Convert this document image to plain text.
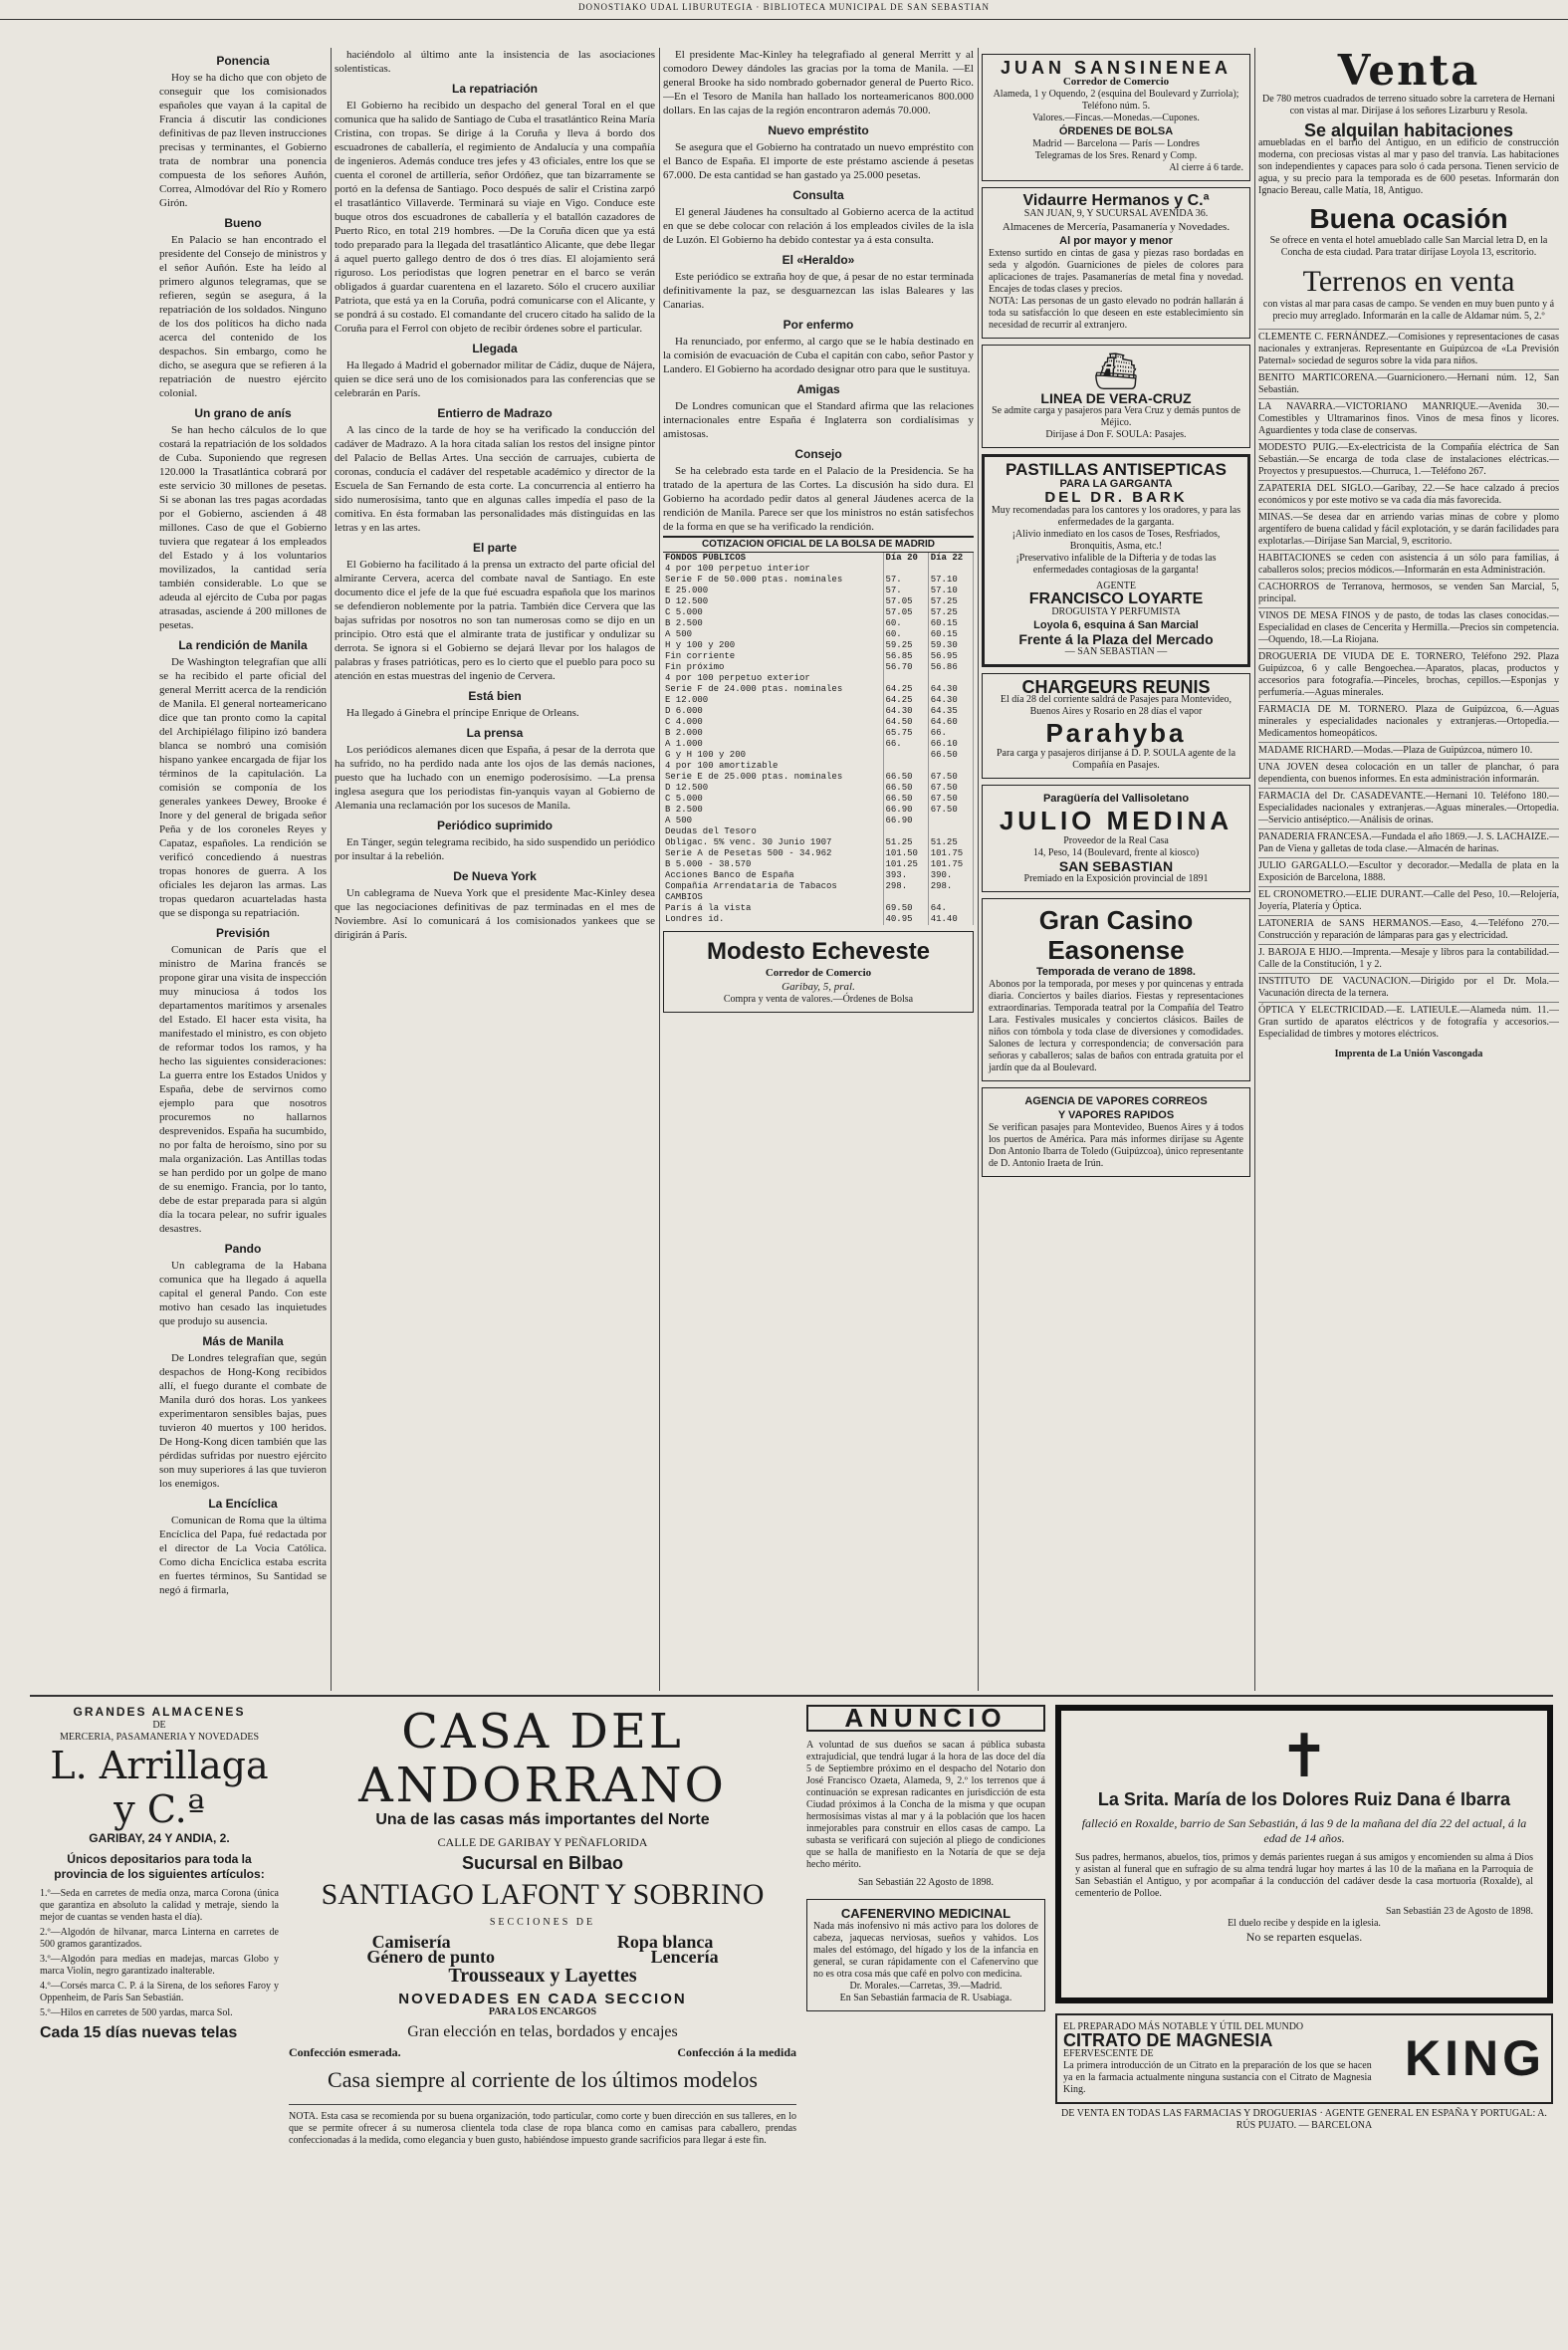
DONOSTIAKO UDAL LIBURUTEGIA · BIBLIOTECA MUNICIPAL DE SAN SEBASTIAN
Ponencia

Hoy se ha dicho que con objeto de conseguir que los comisionados españoles que vayan á la capital de Francia á discutir las condiciones definitivas de paz lleven instrucciones precisas y terminantes, el Gobierno trata de nombrar una ponencia compuesta de los señores Auñón, Correa, Almodóvar del Río y Romero Girón.

Bueno

En Palacio se han encontrado el presidente del Consejo de ministros y el señor Auñón. Este ha leído al primero algunos telegramas, que se refieren, según se asegura, á la repatriación de los soldados. Ninguno de los dos políticos ha dicho nada acerca del contenido de los despachos. Sin embargo, como he dicho, se asegura que se refieren á la repatriación de nuestro ejército colonial.

Un grano de anís

Se han hecho cálculos de lo que costará la repatriación de los soldados de Cuba. Suponiendo que regresen 120.000 la Trasatlántica cobrará por este servicio 30 millones de pesetas. Si se abonan las tres pagas acordadas por el Gobierno, ascienden á 48 millones. Caso de que el Gobierno tuviera que regatear á los empleados del Estado y á los voluntarios movilizados, la cantidad sería también considerable. Lo que se adeuda al ejército de Cuba por pagas atrasadas, asciende á 200 millones de pesetas.

La rendición de Manila

De Washington telegrafían que allí se ha recibido el parte oficial del general Merritt acerca de la rendición de Manila. El general norteamericano dice que tan pronto como la capital del Archipiélago filipino izó bandera blanca se nombró una comisión hispano yankee encargada de fijar los términos de la capitulación. La comisión se componía de los generales yankees Dewey, Brooke é Inore y del general de brigada señor Peña y de los coroneles Reyes y Capataz, españoles. La rendición se verificó concediendo á nuestras tropas honores de guerra. A los oficiales les dejaron las armas. Las tropas quedaron acuarteladas hasta que se disponga su repatriación.

Previsión

Comunican de París que el ministro de Marina francés se propone girar una visita de inspección muy minuciosa á todos los departamentos marítimos y arsenales del Estado. El hacer esta visita, ha manifestado el ministro, es con objeto de reformar todos los ramos, y ha hecho las siguientes consideraciones: La guerra entre los Estados Unidos y España, debe de servirnos como ejemplo para que nosotros procuremos no hallarnos desprevenidos. España ha sucumbido, no por falta de heroísmo, sino por su mala organización. Las Antillas todas se han perdido por un golpe de mano de su enemigo. Francia, por lo tanto, debe de estar preparada para si algún día la tocara pelear, no sufrir iguales desastres.

Pando

Un cablegrama de la Habana comunica que ha llegado á aquella capital el general Pando. Con este motivo han cesado las inquietudes que produjo su ausencia.

Más de Manila

De Londres telegrafían que, según despachos de Hong-Kong recibidos allí, el fuego durante el combate de Manila duró dos horas. Los yankees experimentaron sensibles bajas, pues tuvieron 40 muertos y 100 heridos. De Hong-Kong dicen también que las pérdidas sufridas por nuestro ejército son muy superiores á las que tuvieron los enemigos.

La Encíclica

Comunican de Roma que la última Encíclica del Papa, fué redactada por el director de La Vocia Católica. Como dicha Encíclica estaba escrita en fuertes términos, Su Santidad se negó á firmarla,

haciéndolo al último ante la insistencia de las asociaciones solentisticas.

La repatriación

El Gobierno ha recibido un despacho del general Toral en el que comunica que ha salido de Santiago de Cuba el trasatlántico Reina María Cristina, con tropas. Se dirige á la Coruña y lleva á bordo dos escuadrones de caballería, el regimiento de Andalucía y una compañía de ingenieros. Además conduce tres jefes y 43 oficiales, entre los que se cuenta el coronel de artillería, señor Ordóñez, que tan bizarramente se portó en la defensa de Santiago. Poco después de salir el Cristina zarpó el trasatlántico Villaverde. Terminará su viaje en Vigo. Conduce este buque otros dos escuadrones de caballería y el batallón cazadores de Puerto Rico, en total 219 hombres. —De la Coruña dicen que ya está todo preparado para la llegada del trasatlántico Alicante, que debe llegar á aquel puerto gallego dentro de dos ó tres días. El alojamiento será riguroso. Los periodistas que logren penetrar en el barco se verán obligados á guardar cuarentena en el lazareto. Sólo el crucero auxiliar Patriota, que está ya en la Coruña, podrá comunicarse con el Alicante, y se pondrá á su costado. El comandante del crucero citado ha salido de la Coruña para el Ferrol con objeto de recibir órdenes sobre el particular.

Llegada

Ha llegado á Madrid el gobernador militar de Cádiz, duque de Nájera, quien se dice será uno de los comisionados para las conferencias que se celebrarán en París.

Entierro de Madrazo

A las cinco de la tarde de hoy se ha verificado la conducción del cadáver de Madrazo. A la hora citada salían los restos del insigne pintor del Palacio de Bellas Artes. Una sección de carruajes, cubierta de coronas, conducía el cadáver del respetable académico y director de la Escuela de San Fernando de esta corte. La concurrencia al entierro ha sido numerosísima, tanto que en algunas calles impedía el paso de la comitiva. En ésta formaban las personalidades más distinguidas en las letras y en las artes.

El parte

El Gobierno ha facilitado á la prensa un extracto del parte oficial del almirante Cervera, acerca del combate naval de Santiago. En este documento dice el jefe de la que fué escuadra española que los marinos se defendieron noblemente por la patria. También dice Cervera que las bajas sufridas por nosotros no son tan numerosas como se dijo en un principio. Otro está que el almirante trata de justificar y ondulizar su derrota. Se ignora si el Gobierno se dejará llevar por los halagos de palabras y frases patrióticas, pero es lo cierto que el pueblo para poco su atención en estas muestras del ingenio de Cervera.

Está bien

Ha llegado á Ginebra el príncipe Enrique de Orleans.

La prensa

Los periódicos alemanes dicen que España, á pesar de la derrota que ha sufrido, no ha perdido nada ante los ojos de las demás naciones, puesto que ha luchado con un enemigo poderosísimo. —La prensa inglesa asegura que los periodistas fin-yanquis vayan al Gobierno de Alemania una reclamación por los sucesos de Manila.

Periódico suprimido

En Tánger, según telegrama recibido, ha sido suspendido un periódico por insultar á la rebelión.

De Nueva York

Un cablegrama de Nueva York que el presidente Mac-Kinley desea que las negociaciones definitivas de paz terminadas en el mes de Noviembre. Así lo comunicará á los comisionados yankees que se dirigirán á París.

El presidente Mac-Kinley ha telegrafiado al general Merritt y al comodoro Dewey dándoles las gracias por la toma de Manila. —El general Brooke ha sido nombrado gobernador general de Puerto Rico. —En el Tesoro de Manila han hallado los norteamericanos 800.000 dollars. En las cajas de la región encontraron además 70.000.

Nuevo empréstito

Se asegura que el Gobierno ha contratado un nuevo empréstito con el Banco de España. El importe de este préstamo asciende á pesetas 67.000. De esta cantidad se han gastado ya 25.000 pesetas.

Consulta

El general Jáudenes ha consultado al Gobierno acerca de la actitud en que se debe colocar con relación á los empleados civiles de la isla de Luzón. El Gobierno ha debido contestar ya á esta consulta.

El «Heraldo»

Este periódico se extraña hoy de que, á pesar de no estar terminada definitivamente la paz, se desguarnezcan las islas Baleares y las Canarias.

Por enfermo

Ha renunciado, por enfermo, al cargo que se le había destinado en la comisión de evacuación de Cuba el capitán con cabo, señor Pastor y Landero. El Gobierno ha acordado designar otro para que le sustituya.

Amigas

De Londres comunican que el Standard afirma que las relaciones internacionales entre España é Inglaterra son cordialísimas y amistosas.

Consejo

Se ha celebrado esta tarde en el Palacio de la Presidencia. Se ha tratado de la apertura de las Cortes. La discusión ha sido dura. El Gobierno ha acordado pedir datos al general Jáudenes acerca de la rendición de Manila. Parece ser que los ministros no están satisfechos de la forma en que se ha verificado la rendición.

COTIZACION OFICIAL DE LA BOLSA DE MADRID
FONDOS PÚBLICOS	Día 20	Día 22
4 por 100 perpetuo interior		
Serie F de 50.000 ptas. nominales	57.	57.10
E 25.000	57.	57.10
D 12.500	57.05	57.25
C 5.000	57.05	57.25
B 2.500	60.	60.15
A 500	60.	60.15
H y 100 y 200	59.25	59.30
Fin corriente	56.85	56.95
Fin próximo	56.70	56.86
4 por 100 perpetuo exterior		
Serie F de 24.000 ptas. nominales	64.25	64.30
E 12.000	64.25	64.30
D 6.000	64.30	64.35
C 4.000	64.50	64.60
B 2.000	65.75	66.
A 1.000	66.	66.10
G y H 100 y 200		66.50
4 por 100 amortizable		
Serie E de 25.000 ptas. nominales	66.50	67.50
D 12.500	66.50	67.50
C 5.000	66.50	67.50
B 2.500	66.90	67.50
A 500	66.90	
Deudas del Tesoro		
Obligac. 5% venc. 30 Junio 1907	51.25	51.25
Serie A de Pesetas 500 - 34.962	101.50	101.75
B 5.000 - 38.570	101.25	101.75
Acciones Banco de España	393.	390.
Compañía Arrendataria de Tabacos	298.	298.
CAMBIOS		
París á la vista	69.50	64.
Londres id.	40.95	41.40
Modesto Echeveste
Corredor de Comercio
Garibay, 5, pral.
Compra y venta de valores.—Órdenes de Bolsa
JUAN SANSINENEA
Corredor de Comercio
Alameda, 1 y Oquendo, 2 (esquina del Boulevard y Zurriola); Teléfono núm. 5.
Valores.—Fincas.—Monedas.—Cupones.
ÓRDENES DE BOLSA
Madrid — Barcelona — París — Londres
Telegramas de los Sres. Renard y Comp.
Al cierre á 6 tarde.
Vidaurre Hermanos y C.ª
SAN JUAN, 9, Y SUCURSAL AVENIDA 36.
Almacenes de Mercería, Pasamanería y Novedades.
Al por mayor y menor
Extenso surtido en cintas de gasa y piezas raso bordadas en seda y algodón. Guarniciones de pieles de colores para aplicaciones de trajes. Pasamanerías de metal fina y novedad. Encajes de todas clases y precios.
NOTA: Las personas de un gasto elevado no podrán hallarán á toda su satisfacción lo que deseen en este establecimiento sin necesidad de recurrir al extranjero.
⛴
LINEA DE VERA-CRUZ
Se admite carga y pasajeros para Vera Cruz y demás puntos de Méjico.
Diríjase á Don F. SOULA: Pasajes.
PASTILLAS ANTISEPTICAS
PARA LA GARGANTA
DEL DR. BARK
Muy recomendadas para los cantores y los oradores, y para las enfermedades de la garganta.
¡Alivio inmediato en los casos de Toses, Resfriados, Bronquitis, Asma, etc.!
¡Preservativo infalible de la Difteria y de todas las enfermedades contagiosas de la garganta!
AGENTE
FRANCISCO LOYARTE
DROGUISTA Y PERFUMISTA
Loyola 6, esquina á San Marcial
Frente á la Plaza del Mercado
— SAN SEBASTIAN —
CHARGEURS REUNIS
El día 28 del corriente saldrá de Pasajes para Montevideo, Buenos Aires y Rosario en 28 días el vapor
Parahyba
Para carga y pasajeros diríjanse á D. P. SOULA agente de la Compañía en Pasajes.
Paragüería del Vallisoletano
JULIO MEDINA
Proveedor de la Real Casa
14, Peso, 14 (Boulevard, frente al kiosco)
SAN SEBASTIAN
Premiado en la Exposición provincial de 1891
Gran Casino Easonense
Temporada de verano de 1898.
Abonos por la temporada, por meses y por quincenas y entrada diaria. Conciertos y bailes diarios. Fiestas y representaciones extraordinarias. Temporada teatral por la Compañía del Teatro Lara. Festivales musicales y conciertos clásicos. Bailes de niños con tómbola y toda clase de diversiones y comodidades. Salones de lectura y correspondencia; de conversación para señoras y caballeros; salas de baños con entrada gratuita por el jardín que da al Boulevard.
AGENCIA DE VAPORES CORREOS
Y VAPORES RAPIDOS
Se verifican pasajes para Montevideo, Buenos Aires y á todos los puertos de América. Para más informes diríjase su Agente Don Antonio Ibarra de Toledo (Guipúzcoa), único representante de D. Antonio Iraeta de Irún.
Venta
De 780 metros cuadrados de terreno situado sobre la carretera de Hernani con vistas al mar. Diríjase á los señores Lizarburu y Resola.
Se alquilan habitaciones
amuebladas en el barrio del Antiguo, en un edificio de construcción moderna, con preciosas vistas al mar y paso del tranvía. Las habitaciones son independientes y capaces para solo ó cada persona. Tienen servicio de agua, y su precio para la temporada es de 600 pesetas. Informarán don Ignacio Bereau, calle Matía, 18, Antiguo.
Buena ocasión
Se ofrece en venta el hotel amueblado calle San Marcial letra D, en la Concha de esta ciudad. Para tratar diríjase Loyola 13, escritorio.
Terrenos en venta
con vistas al mar para casas de campo. Se venden en muy buen punto y á precio muy arreglado. Informarán en la calle de Aldamar núm. 5, 2.º
CLEMENTE C. FERNÁNDEZ.—Comisiones y representaciones de casas nacionales y extranjeras. Representante en Guipúzcoa de «La Previsión Paternal» sociedad de seguros sobre la vida para niños.
BENITO MARTICORENA.—Guarnicionero.—Hernani núm. 12, San Sebastián.
LA NAVARRA.—VICTORIANO MANRIQUE.—Avenida 30.—Comestibles y Ultramarinos finos. Vinos de mesa finos y licores. Aguardientes y toda clase de conservas.
MODESTO PUIG.—Ex-electricista de la Compañía eléctrica de San Sebastián.—Se encarga de toda clase de instalaciones eléctricas.—Proyectos y presupuestos.—Churruca, 1.—Teléfono 267.
ZAPATERIA DEL SIGLO.—Garibay, 22.—Se hace calzado á precios económicos y por este motivo se va cada día más favorecida.
MINAS.—Se desea dar en arriendo varias minas de cobre y plomo argentífero de buena calidad y fácil explotación, y se darán facilidades para explotarlas.—Diríjase San Marcial, 9, escritorio.
HABITACIONES se ceden con asistencia á un sólo para familias, á caballeros solos; precios módicos.—Informarán en esta Administración.
CACHORROS de Terranova, hermosos, se venden San Marcial, 5, principal.
VINOS DE MESA FINOS y de pasto, de todas las clases conocidas.—Especialidad en clases de Cencerita y Hermilla.—Precios sin competencia.—Oquendo, 18.—La Riojana.
DROGUERIA DE VIUDA DE E. TORNERO, Teléfono 292. Plaza Guipúzcoa, 6 y calle Bengoechea.—Aparatos, placas, productos y accesorios para fotografía.—Pinceles, brochas, cepillos.—Esponjas y perfumería.—Aguas minerales.
FARMACIA DE M. TORNERO. Plaza de Guipúzcoa, 6.—Aguas minerales y especialidades nacionales y extranjeras.—Ortopedia.—Medicamentos homeopáticos.
MADAME RICHARD.—Modas.—Plaza de Guipúzcoa, número 10.
UNA JOVEN desea colocación en un taller de planchar, ó para dependienta, con buenos informes. En esta administración informarán.
FARMACIA del Dr. CASADEVANTE.—Hernani 10. Teléfono 180.—Especialidades nacionales y extranjeras.—Aguas minerales.—Ortopedia.—Servicio antiséptico.—Análisis de orinas.
PANADERIA FRANCESA.—Fundada el año 1869.—J. S. LACHAIZE.—Pan de Viena y galletas de toda clase.—Almacén de harinas.
JULIO GARGALLO.—Escultor y decorador.—Medalla de plata en la Exposición de Barcelona, 1888.
EL CRONOMETRO.—ELIE DURANT.—Calle del Peso, 10.—Relojería, Joyería, Platería y Óptica.
LATONERIA de SANS HERMANOS.—Easo, 4.—Teléfono 270.—Construcción y reparación de lámparas para gas y electricidad.
J. BAROJA E HIJO.—Imprenta.—Mesaje y libros para la contabilidad.—Calle de la Constitución, 1 y 2.
INSTITUTO DE VACUNACION.—Dirigido por el Dr. Mola.—Vacunación directa de la ternera.
ÓPTICA Y ELECTRICIDAD.—E. LATIEULE.—Alameda núm. 11.—Gran surtido de aparatos eléctricos y de fotografía y accesorios.—Especialidad de timbres y motores eléctricos.
Imprenta de La Unión Vascongada
GRANDES ALMACENES
DE
MERCERIA, PASAMANERIA Y NOVEDADES
L. Arrillaga y C.ª
GARIBAY, 24 Y ANDIA, 2.
Únicos depositarios para toda la provincia de los siguientes artículos:
1.º—Seda en carretes de media onza, marca Corona (única que garantiza en absoluto la calidad y metraje, siendo la mejor de cuantas se venden hasta el día).
2.º—Algodón de hilvanar, marca Linterna en carretes de 500 gramos garantizados.
3.º—Algodón para medias en madejas, marcas Globo y marca Violín, negro garantizado inalterable.
4.º—Corsés marca C. P. á la Sirena, de los señores Faroy y Oppenheim, de París San Sebastián.
5.º—Hilos en carretes de 500 yardas, marca Sol.
Cada 15 días nuevas telas
CASA DEL ANDORRANO
Una de las casas más importantes del Norte
CALLE DE GARIBAY Y PEÑAFLORIDA
Sucursal en Bilbao
SANTIAGO LAFONT Y SOBRINO
SECCIONES DE
Camisería	Ropa blanca
Género de punto	Lencería
Trousseaux y Layettes
NOVEDADES EN CADA SECCION
PARA LOS ENCARGOS
Gran elección en telas, bordados y encajes
Confección esmerada.	Confección á la medida
Casa siempre al corriente de los últimos modelos
NOTA. Esta casa se recomienda por su buena organización, todo particular, como corte y buen dirección en sus talleres, en lo que se permite ofrecer á su numerosa clientela toda clase de ropa blanca como en camisas para caballero, prendas confeccionadas á la medida, como elegancia y buen gusto, habiéndose impuesto grande sacrificios para llegar á este fin.
ANUNCIO
A voluntad de sus dueños se sacan á pública subasta extrajudicial, que tendrá lugar á la hora de las doce del día 5 de Septiembre próximo en el despacho del Notario don José Francisco Ozaeta, Alameda, 9, 2.º los terrenos que á continuación se expresan radicantes en jurisdicción de esta Ciudad próximos á la Concha de la misma y que ocupan hermosísimas vistas al mar y á la población que los hacen inmejorables para construir en ellos casas de campo. La subasta se verificará con sujeción al pliego de condiciones que se halla de manifiesto en la Notaría de que se deja hecho mérito.
San Sebastián 22 Agosto de 1898.
CAFENERVINO MEDICINAL
Nada más inofensivo ni más activo para los dolores de cabeza, jaquecas nerviosas, sueños y vahidos. Los males del estómago, del hígado y los de la infancia en general, se curan rápidamente con el Cafenervino que no es otra cosa más que café en polvo con medicina.
Dr. Morales.—Carretas, 39.—Madrid.
En San Sebastián farmacia de R. Usabiaga.
✝
La Srita. María de los Dolores Ruiz Dana é Ibarra
falleció en Roxalde, barrio de San Sebastián, á las 9 de la mañana del día 22 del actual, á la edad de 14 años.
Sus padres, hermanos, abuelos, tíos, primos y demás parientes ruegan á sus amigos y encomienden su alma á Dios y asistan al funeral que en sufragio de su alma tendrá lugar hoy martes á las 10 de la mañana en la Parroquia de San Sebastián el Antiguo, y por acompañar á la conducción del cadáver desde la casa mortuoria (Roxalde), al cementerio de Polloe.
San Sebastián 23 de Agosto de 1898.
El duelo recibe y despide en la iglesia.
No se reparten esquelas.
EL PREPARADO MÁS NOTABLE Y ÚTIL DEL MUNDO
CITRATO DE MAGNESIA
EFERVESCENTE DE
La primera introducción de un Citrato en la preparación de los que se hacen ya en la farmacia actualmente ninguna sustancia con el Citrato de Magnesia King.
KING
DE VENTA EN TODAS LAS FARMACIAS Y DROGUERIAS · AGENTE GENERAL EN ESPAÑA Y PORTUGAL: A. RÚS PUJATO. — BARCELONA
